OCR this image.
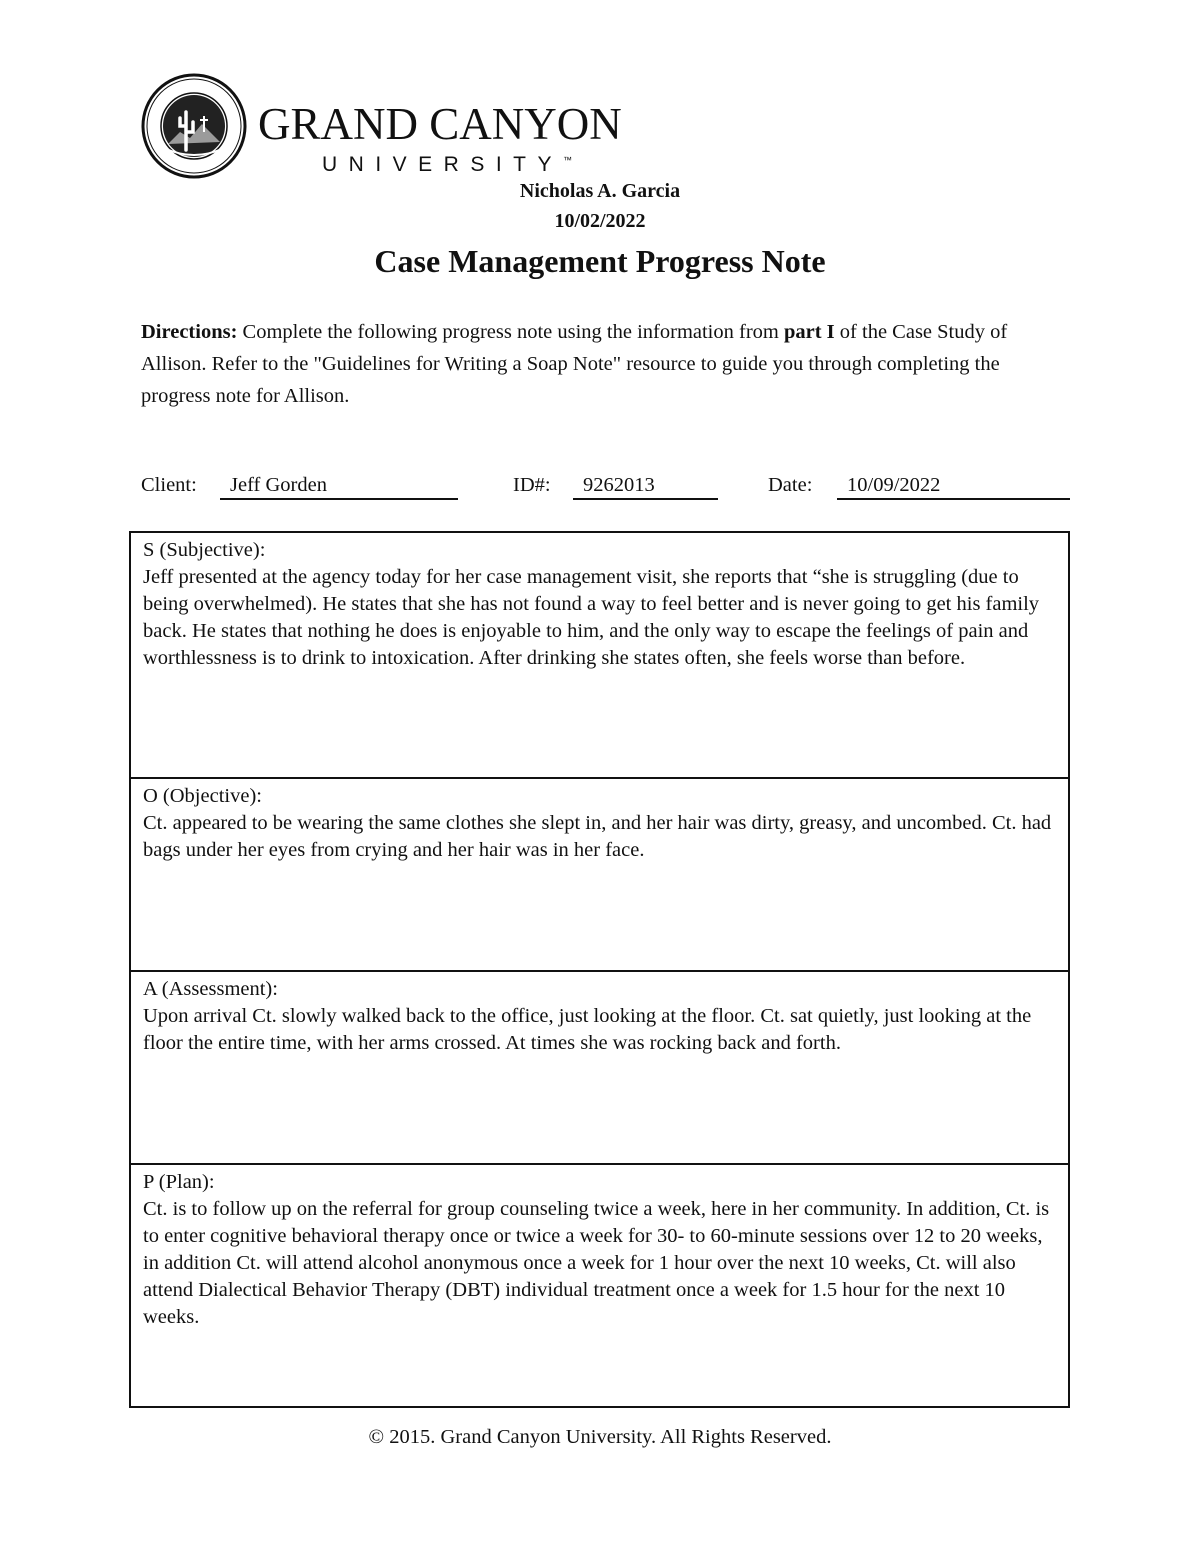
GRAND CANYON
UNIVERSITY™
Nicholas A. Garcia
10/02/2022
Case Management Progress Note
Directions: Complete the following progress note using the information from part I of the Case Study of Allison. Refer to the "Guidelines for Writing a Soap Note" resource to guide you through completing the progress note for Allison.
Client:	Jeff Gorden	ID#:	9262013	Date:	10/09/2022
S (Subjective):
Jeff presented at the agency today for her case management visit, she reports that “she is struggling (due to being overwhelmed). He states that she has not found a way to feel better and is never going to get his family back. He states that nothing he does is enjoyable to him, and the only way to escape the feelings of pain and worthlessness is to drink to intoxication. After drinking she states often, she feels worse than before.

O (Objective):
Ct. appeared to be wearing the same clothes she slept in, and her hair was dirty, greasy, and uncombed. Ct. had bags under her eyes from crying and her hair was in her face.

A (Assessment):
Upon arrival Ct. slowly walked back to the office, just looking at the floor. Ct. sat quietly, just looking at the floor the entire time, with her arms crossed. At times she was rocking back and forth.

P (Plan):
Ct. is to follow up on the referral for group counseling twice a week, here in her community. In addition, Ct. is to enter cognitive behavioral therapy once or twice a week for 30- to 60-minute sessions over 12 to 20 weeks, in addition Ct. will attend alcohol anonymous once a week for 1 hour over the next 10 weeks, Ct. will also attend Dialectical Behavior Therapy (DBT) individual treatment once a week for 1.5 hour for the next 10 weeks.
© 2015. Grand Canyon University. All Rights Reserved.
